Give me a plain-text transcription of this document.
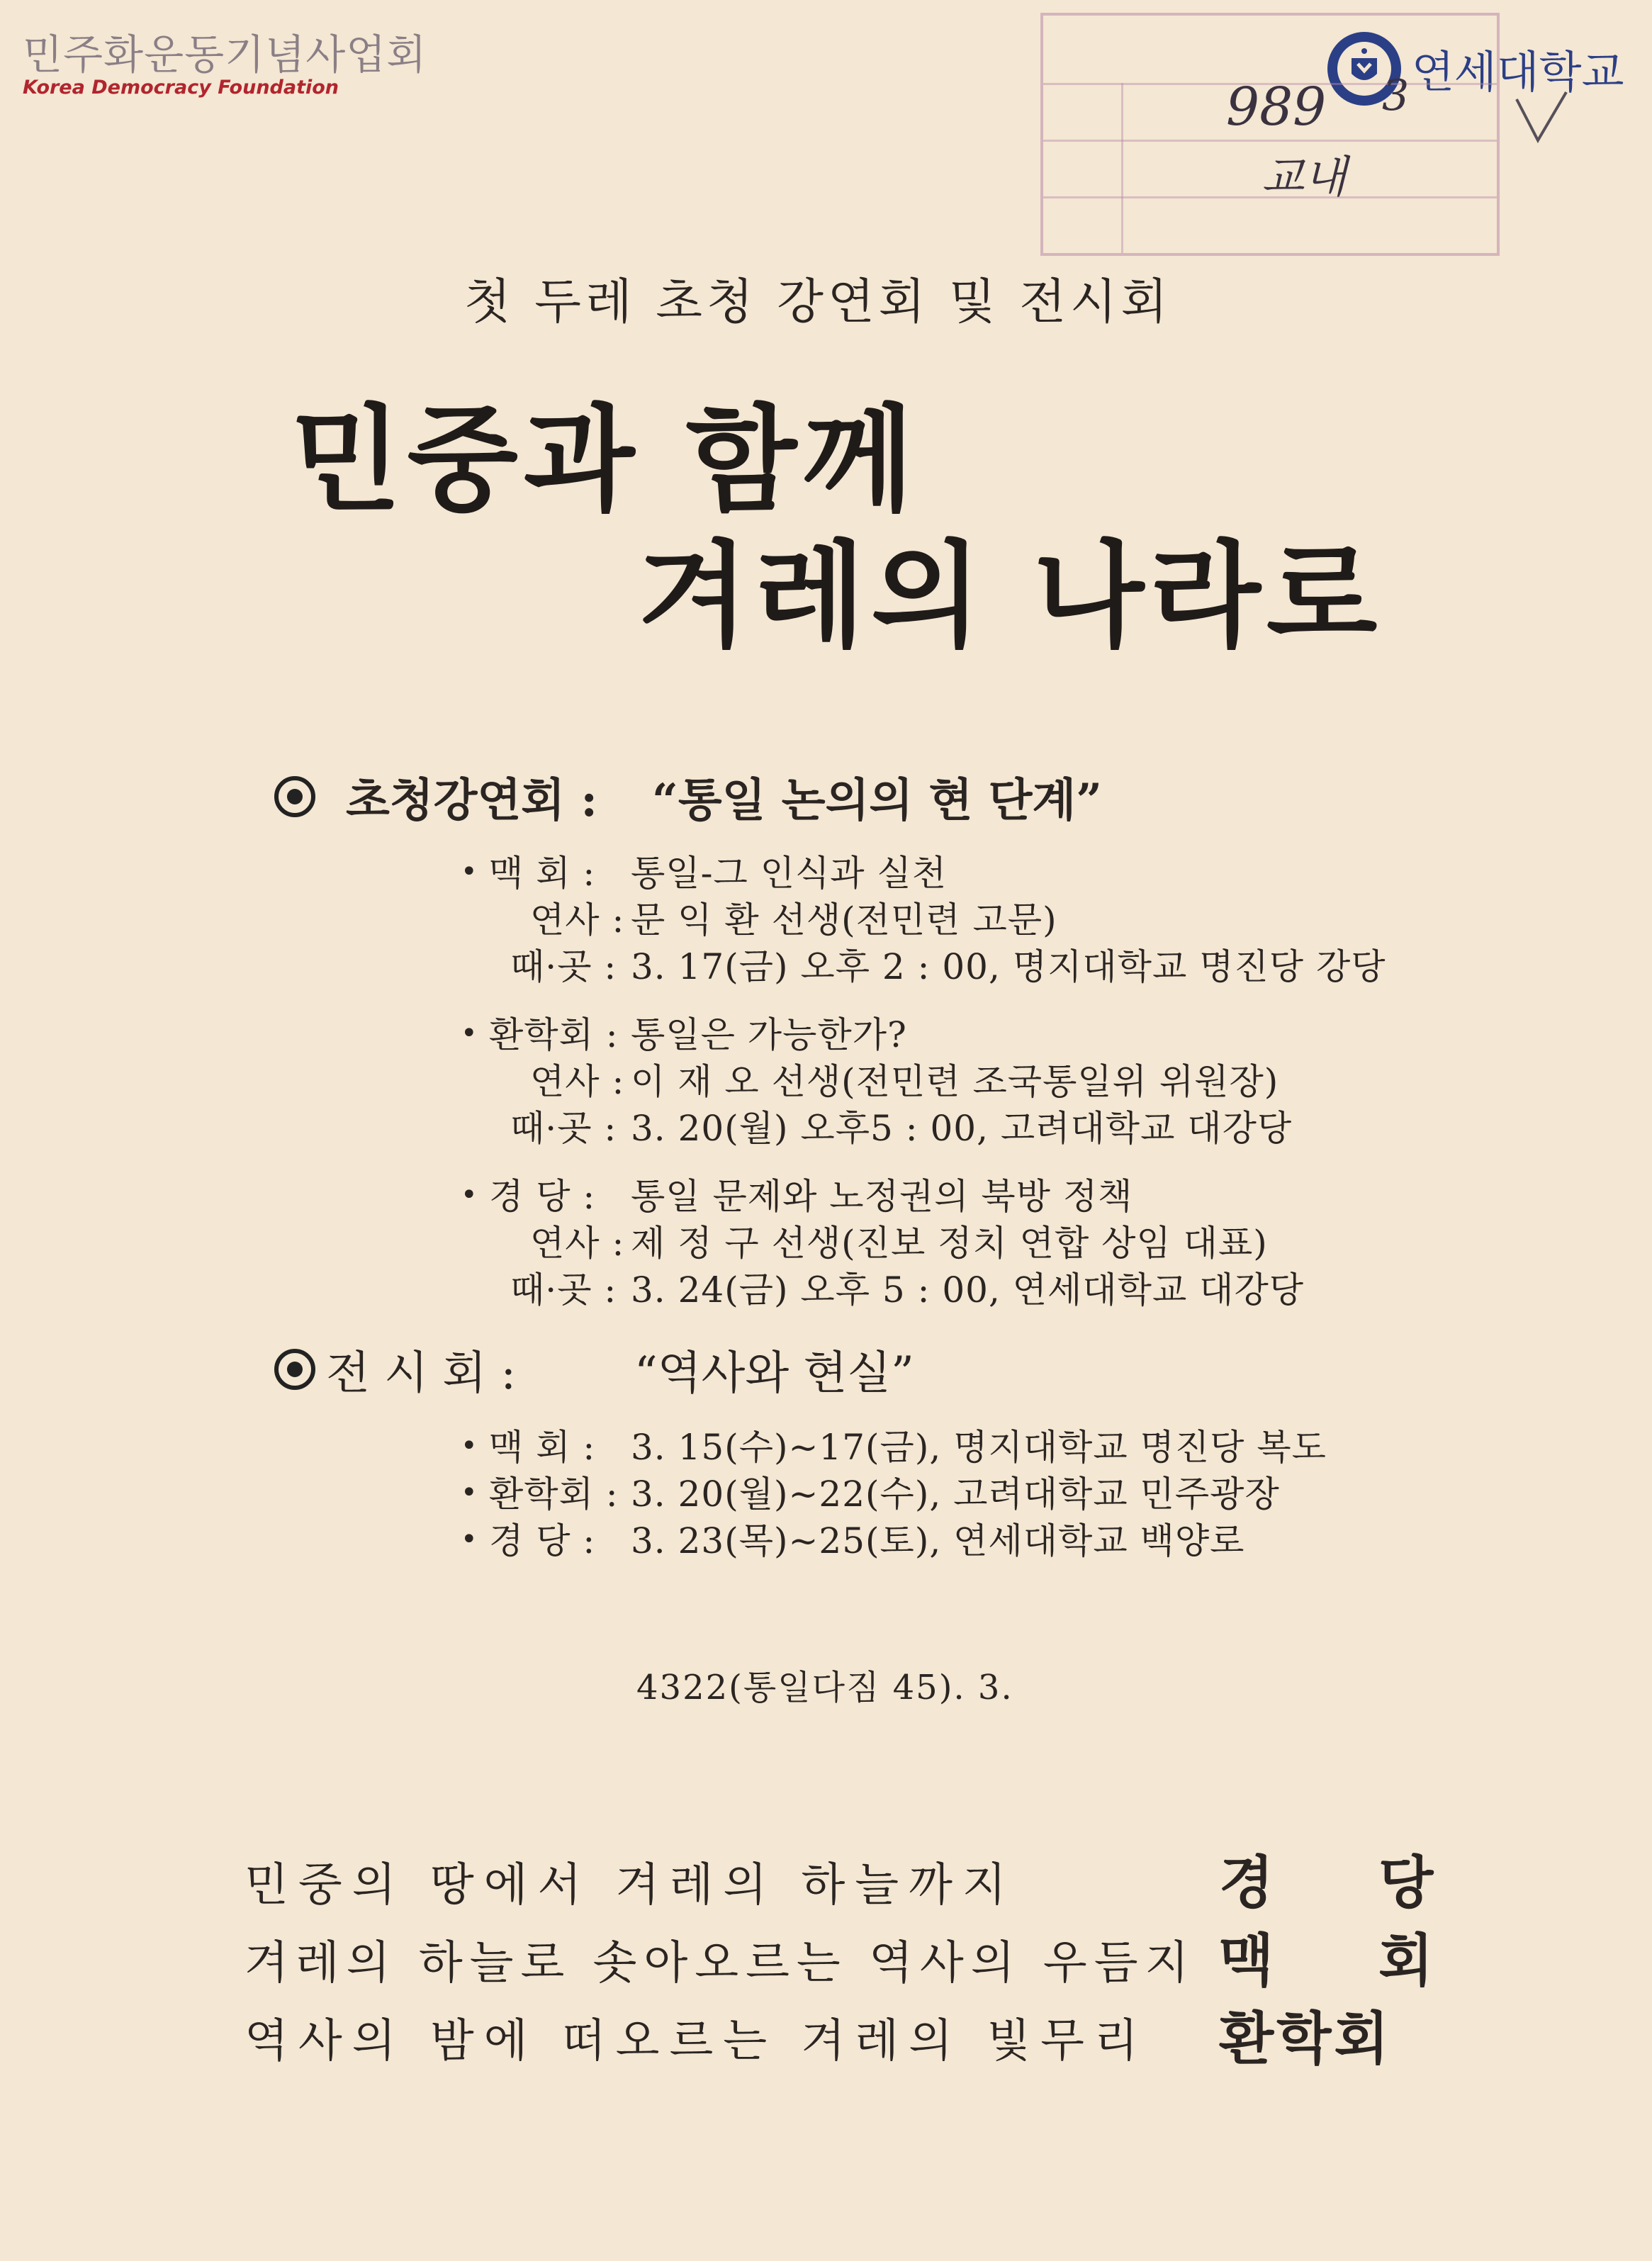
민주화운동기념사업회
Korea Democracy Foundation	연세대학교
989 3
교내
첫 두레 초청 강연회 및 전시회
민중과 함께
겨레의 나라로
초청강연회 : “통일 논의의 현 단계”
• 맥 회 : 통일-그 인식과 실천
연사 : 문 익 환 선생(전민련 고문)
때·곳 : 3. 17(금) 오후 2 : 00, 명지대학교 명진당 강당
• 환학회 : 통일은 가능한가?
연사 : 이 재 오 선생(전민련 조국통일위 위원장)
때·곳 : 3. 20(월) 오후5 : 00, 고려대학교 대강당
• 경 당 : 통일 문제와 노정권의 북방 정책
연사 : 제 정 구 선생(진보 정치 연합 상임 대표)
때·곳 : 3. 24(금) 오후 5 : 00, 연세대학교 대강당
전 시 회 :	“역사와 현실”
• 맥 회 : 3. 15(수)~17(금), 명지대학교 명진당 복도
• 환학회 : 3. 20(월)~22(수), 고려대학교 민주광장
• 경 당 : 3. 23(목)~25(토), 연세대학교 백양로
4322(통일다짐 45). 3.
민중의 땅에서 겨레의 하늘까지	경 당
겨레의 하늘로 솟아오르는 역사의 우듬지 맥 회
역사의 밤에 떠오르는 겨레의 빛무리 환학회
